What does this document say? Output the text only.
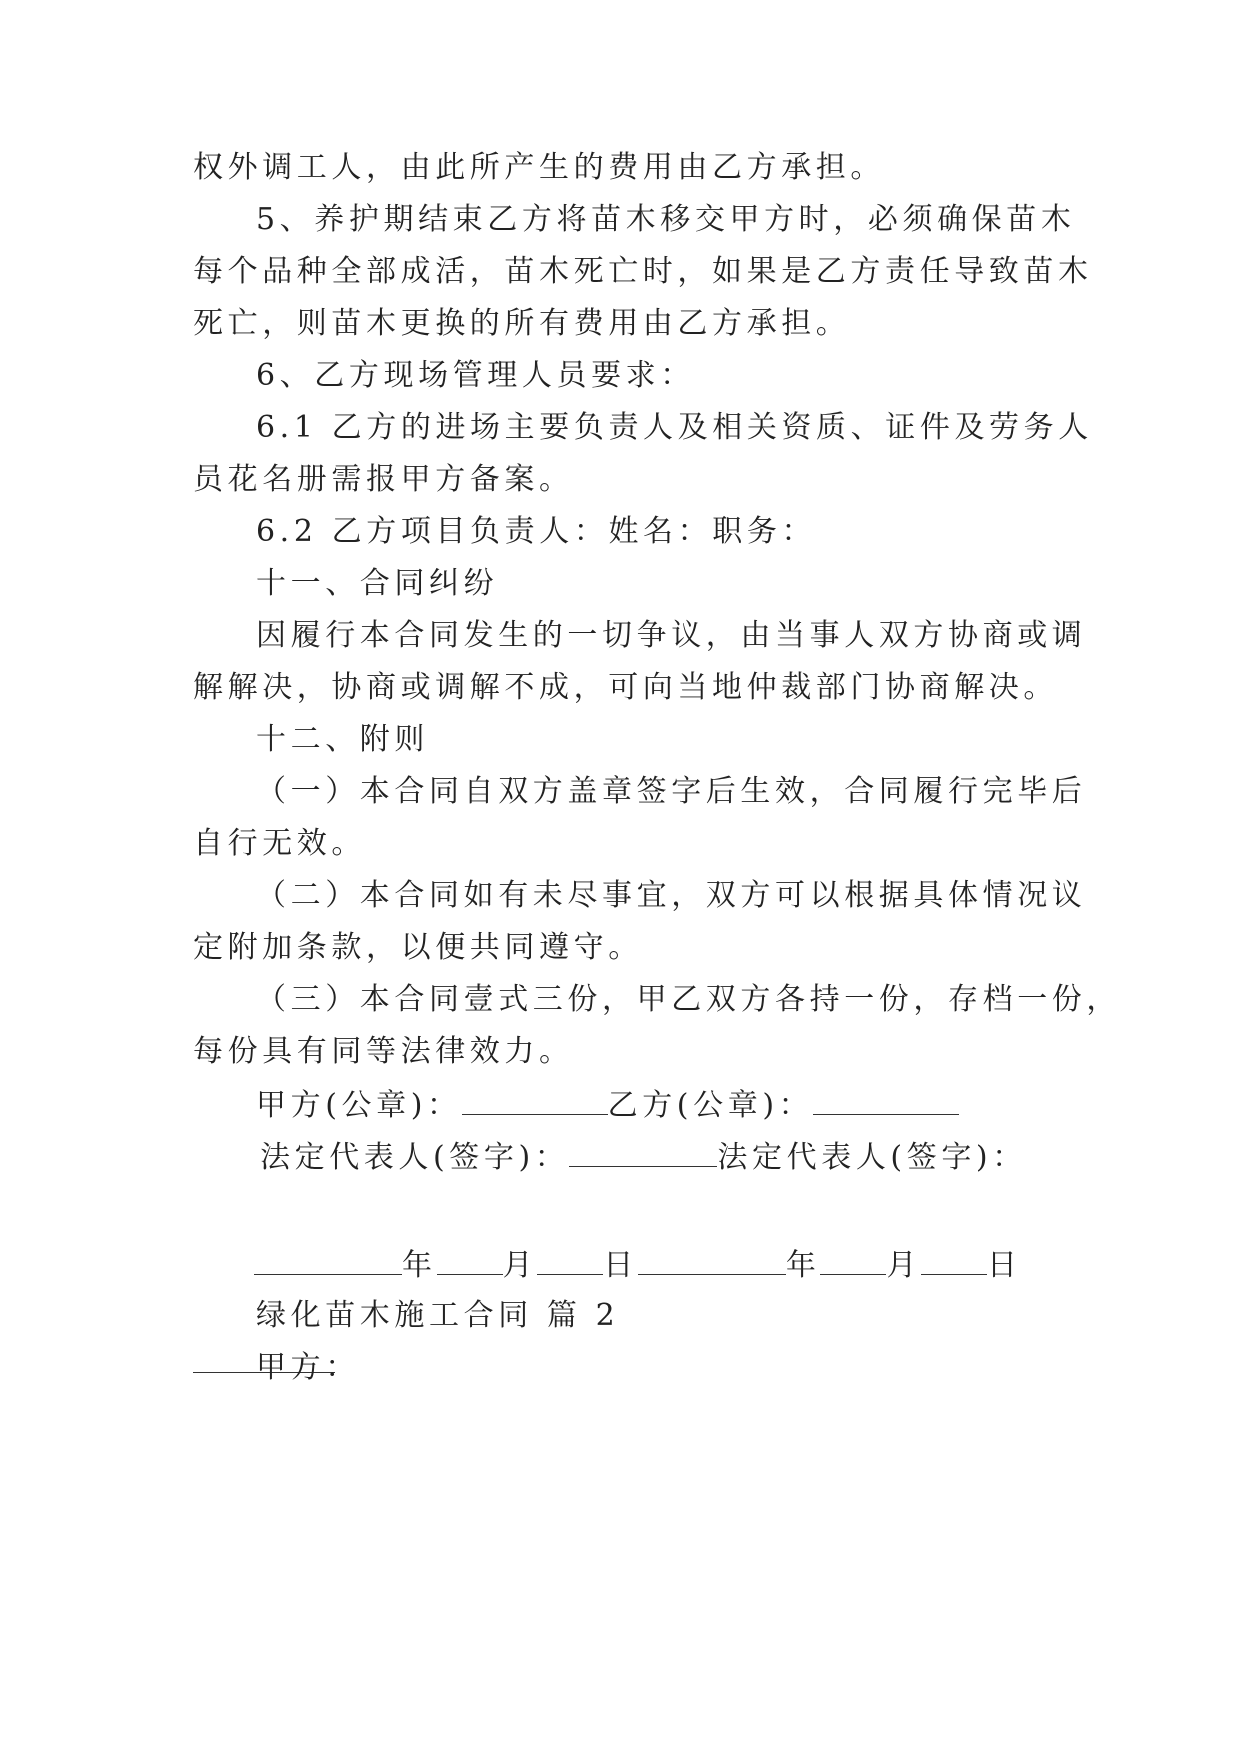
权外调工人，由此所产生的费用由乙方承担。
5、养护期结束乙方将苗木移交甲方时，必须确保苗木
每个品种全部成活，苗木死亡时，如果是乙方责任导致苗木
死亡，则苗木更换的所有费用由乙方承担。
6、乙方现场管理人员要求：
6.1 乙方的进场主要负责人及相关资质、证件及劳务人
员花名册需报甲方备案。
6.2 乙方项目负责人：姓名：职务：
十一、合同纠纷
因履行本合同发生的一切争议，由当事人双方协商或调
解解决，协商或调解不成，可向当地仲裁部门协商解决。
十二、附则
（一）本合同自双方盖章签字后生效，合同履行完毕后
自行无效。
（二）本合同如有未尽事宜，双方可以根据具体情况议
定附加条款，以便共同遵守。
（三）本合同壹式三份，甲乙双方各持一份，存档一份，
每份具有同等法律效力。
甲方(公章)：	乙方(公章)：
法定代表人(签字)：	法定代表人(签字)：
年 月 日	年 月 日
绿化苗木施工合同 篇 2
甲方：
